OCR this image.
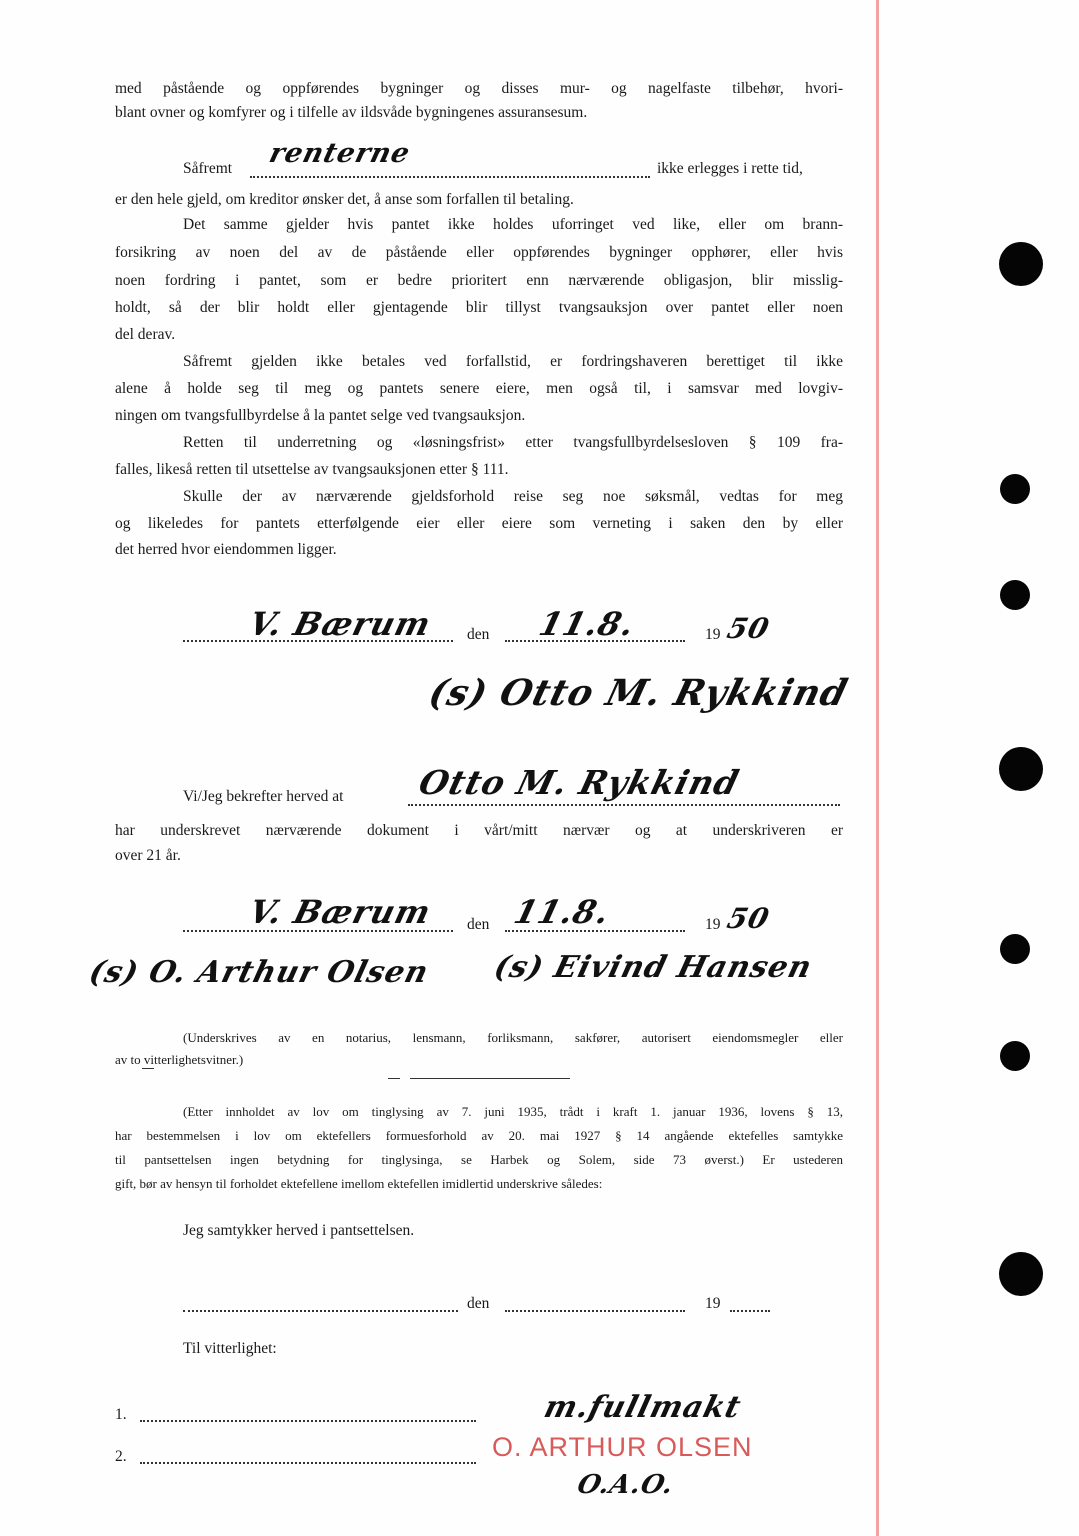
med påstående og oppførendes bygninger og disses mur- og nagelfaste tilbehør, hvori-
blant ovner og komfyrer og i tilfelle av ildsvåde bygningenes assuransesum.
Såfremt renterne	ikke erlegges i rette tid,
er den hele gjeld, om kreditor ønsker det, å anse som forfallen til betaling.
Det samme gjelder hvis pantet ikke holdes uforringet ved like, eller om brann-
forsikring av noen del av de påstående eller oppførendes bygninger opphører, eller hvis
noen fordring i pantet, som er bedre prioritert enn nærværende obligasjon, blir misslig-
holdt, så der blir holdt eller gjentagende blir tillyst tvangsauksjon over pantet eller noen
del derav.
Såfremt gjelden ikke betales ved forfallstid, er fordringshaveren berettiget til ikke
alene å holde seg til meg og pantets senere eiere, men også til, i samsvar med lovgiv-
ningen om tvangsfullbyrdelse å la pantet selge ved tvangsauksjon.
Retten til underretning og «løsningsfrist» etter tvangsfullbyrdelsesloven § 109 fra-
falles, likeså retten til utsettelse av tvangsauksjonen etter § 111.
Skulle der av nærværende gjeldsforhold reise seg noe søksmål, vedtas for meg
og likeledes for pantets etterfølgende eier eller eiere som verneting i saken den by eller
det herred hvor eiendommen ligger.
V. Bærum den 11.8.	19 50
(s) Otto M. Rykkind
Vi/Jeg bekrefter herved at Otto M. Rykkind
har underskrevet nærværende dokument i vårt/mitt nærvær og at underskriveren er
over 21 år.
V. Bærum den 11.8.	19 50
(s) O. Arthur Olsen (s) Eivind Hansen
(Underskrives av en notarius, lensmann, forliksmann, sakfører, autorisert eiendomsmegler eller
av to vitterlighetsvitner.)
(Etter innholdet av lov om tinglysing av 7. juni 1935, trådt i kraft 1. januar 1936, lovens § 13,
har bestemmelsen i lov om ektefellers formuesforhold av 20. mai 1927 § 14 angående ektefelles samtykke
til pantsettelsen ingen betydning for tinglysinga, se Harbek og Solem, side 73 øverst.) Er ustederen
gift, bør av hensyn til forholdet ektefellene imellom ektefellen imidlertid underskrive således:
Jeg samtykker herved i pantsettelsen.
den	19
Til vitterlighet:
1.
2.
m.fullmakt
O. ARTHUR OLSEN
O.A.O.
